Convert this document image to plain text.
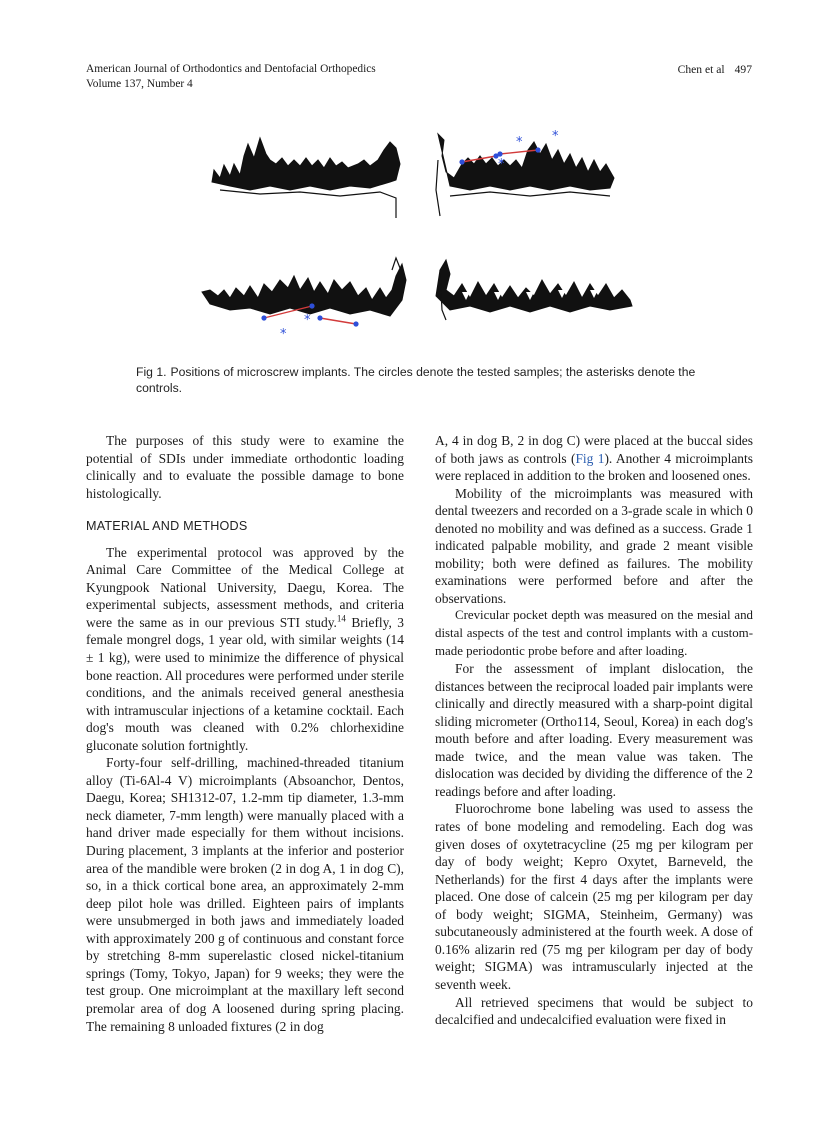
American Journal of Orthodontics and Dentofacial Orthopedics
Volume 137, Number 4
Chen et al 497
* *
*
*
*
Fig 1. Positions of microscrew implants. The circles denote the tested samples; the asterisks denote the controls.

The purposes of this study were to examine the potential of SDIs under immediate orthodontic loading clinically and to evaluate the possible damage to bone histologically.

MATERIAL AND METHODS

The experimental protocol was approved by the Animal Care Committee of the Medical College at Kyungpook National University, Daegu, Korea. The experimental subjects, assessment methods, and criteria were the same as in our previous STI study.$^{14}$ Briefly, 3 female mongrel dogs, 1 year old, with similar weights (14 ± 1 kg), were used to minimize the difference of physical bone reaction. All procedures were performed under sterile conditions, and the animals received general anesthesia with intramuscular injections of a ketamine cocktail. Each dog's mouth was cleaned with 0.2% chlorhexidine gluconate solution fortnightly.

Forty-four self-drilling, machined-threaded titanium alloy (Ti-6Al-4 V) microimplants (Absoanchor, Dentos, Daegu, Korea; SH1312-07, 1.2-mm tip diameter, 1.3-mm neck diameter, 7-mm length) were manually placed with a hand driver made especially for them without incisions. During placement, 3 implants at the inferior and posterior area of the mandible were broken (2 in dog A, 1 in dog C), so, in a thick cortical bone area, an approximately 2-mm deep pilot hole was drilled. Eighteen pairs of implants were unsubmerged in both jaws and immediately loaded with approximately 200 g of continuous and constant force by stretching 8-mm superelastic closed nickel-titanium springs (Tomy, Tokyo, Japan) for 9 weeks; they were the test group. One microimplant at the maxillary left second premolar area of dog A loosened during spring placing. The remaining 8 unloaded fixtures (2 in dog

A, 4 in dog B, 2 in dog C) were placed at the buccal sides of both jaws as controls (Fig 1). Another 4 microimplants were replaced in addition to the broken and loosened ones.

Mobility of the microimplants was measured with dental tweezers and recorded on a 3-grade scale in which 0 denoted no mobility and was defined as a success. Grade 1 indicated palpable mobility, and grade 2 meant visible mobility; both were defined as failures. The mobility examinations were performed before and after the observations.

Crevicular pocket depth was measured on the mesial and distal aspects of the test and control implants with a custom-made periodontic probe before and after loading.

For the assessment of implant dislocation, the distances between the reciprocal loaded pair implants were clinically and directly measured with a sharp-point digital sliding micrometer (Ortho114, Seoul, Korea) in each dog's mouth before and after loading. Every measurement was made twice, and the mean value was taken. The dislocation was decided by dividing the difference of the 2 readings before and after loading.

Fluorochrome bone labeling was used to assess the rates of bone modeling and remodeling. Each dog was given doses of oxytetracycline (25 mg per kilogram per day of body weight; Kepro Oxytet, Barneveld, the Netherlands) for the first 4 days after the implants were placed. One dose of calcein (25 mg per kilogram per day of body weight; SIGMA, Steinheim, Germany) was subcutaneously administered at the fourth week. A dose of 0.16% alizarin red (75 mg per kilogram per day of body weight; SIGMA) was intramuscularly injected at the seventh week.

All retrieved specimens that would be subject to decalcified and undecalcified evaluation were fixed in
